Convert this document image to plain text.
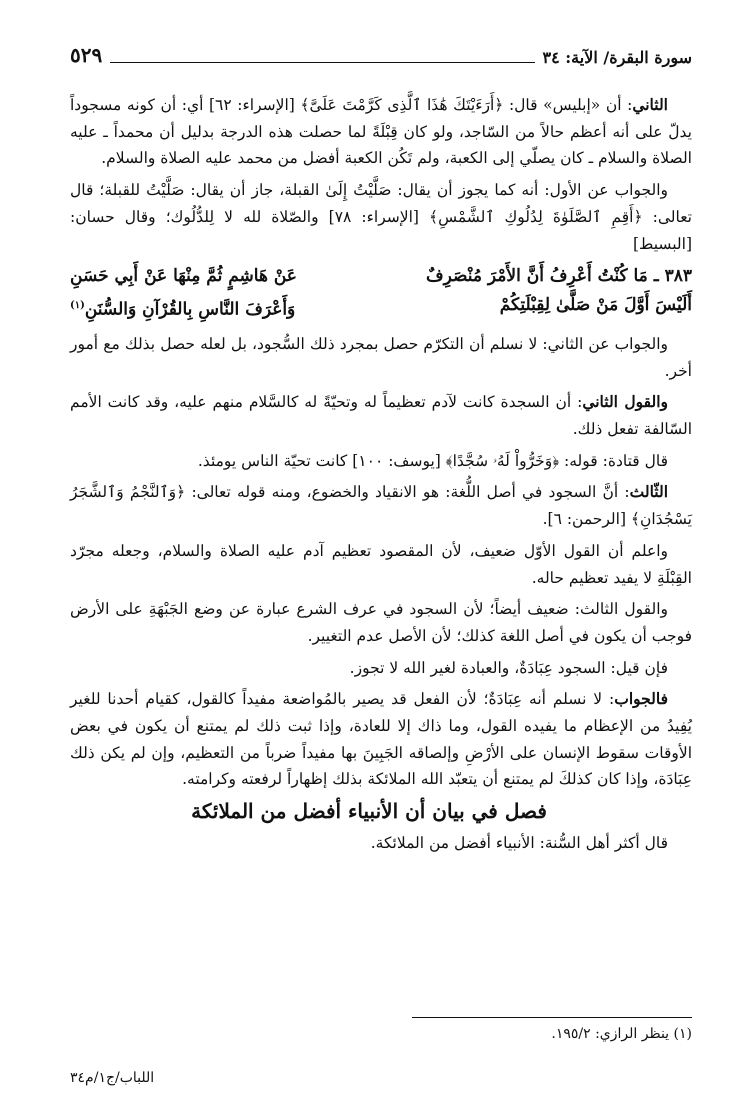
سورة البقرة/ الآية: ٣٤
٥٢٩

الثاني: أن «إبليس» قال: ﴿أَرَءَيْتَكَ هَٰذَا ٱلَّذِى كَرَّمْتَ عَلَىَّ﴾ [الإسراء: ٦٢] أي: أن كونه مسجوداً يدلّ على أنه أعظم حالاً من السّاجد، ولو كان قِبْلَةً لما حصلت هذه الدرجة بدليل أن محمداً ـ عليه الصلاة والسلام ـ كان يصلّي إلى الكعبة، ولم تَكُن الكعبة أفضل من محمد عليه الصلاة والسلام.

والجواب عن الأول: أنه كما يجوز أن يقال: صَلَّيْتُ إِلَىٰ القبلة، جاز أن يقال: صَلَّيْتُ للقبلة؛ قال تعالى: ﴿أَقِمِ ٱلصَّلَوٰةَ لِدُلُوكِ ٱلشَّمْسِ﴾ [الإسراء: ٧٨] والصّلاة لله لا لِلدُّلُوك؛ وقال حسان: [البسيط]

٣٨٣ ـ مَا كُنْتُ أَعْرِفُ أَنَّ الأَمْرَ مُنْصَرِفٌ
عَنْ هَاشِمٍ ثُمَّ مِنْهَا عَنْ أَبِي حَسَنِ
أَلَيْسَ أَوَّلَ مَنْ صَلَّىٰ لِقِبْلَتِكُمْ
وَأَعْرَفَ النَّاسِ بِالقُرْآنِ وَالسُّنَنِ$^{(١)}$

والجواب عن الثاني: لا نسلم أن التكرّم حصل بمجرد ذلك السُّجود، بل لعله حصل بذلك مع أمور أخر.

والقول الثاني: أن السجدة كانت لآدم تعظيماً له وتحيّةً له كالسَّلام منهم عليه، وقد كانت الأمم السّالفة تفعل ذلك.

قال قتادة: قوله: ﴿وَخَرُّواْ لَهُۥ سُجَّدًا﴾ [يوسف: ١٠٠] كانت تحيّة الناس يومئذ.

الثّالث: أنَّ السجود في أصل اللُّغة: هو الانقياد والخضوع، ومنه قوله تعالى: ﴿وَٱلنَّجْمُ وَٱلشَّجَرُ يَسْجُدَانِ﴾ [الرحمن: ٦].

واعلم أن القول الأوّل ضعيف، لأن المقصود تعظيم آدم عليه الصلاة والسلام، وجعله مجرّد القِبْلَةِ لا يفيد تعظيم حاله.

والقول الثالث: ضعيف أيضاً؛ لأن السجود في عرف الشرع عبارة عن وضع الجَبْهَةِ على الأرض فوجب أن يكون في أصل اللغة كذلك؛ لأن الأصل عدم التغيير.

فإن قيل: السجود عِبَادَةٌ، والعبادة لغير الله لا تجوز.

فالجواب: لا نسلم أنه عِبَادَةٌ؛ لأن الفعل قد يصير بالمُواضعة مفيداً كالقول، كقيام أحدنا للغير يُفِيدُ من الإعظام ما يفيده القول، وما ذاك إلا للعادة، وإذا ثبت ذلك لم يمتنع أن يكون في بعض الأوقات سقوط الإنسان على الأرْضِ وإلصاقه الجَبِينَ بها مفيداً ضرباً من التعظيم، وإن لم يكن ذلك عِبَادَة، وإذا كان كذلكَ لم يمتنع أن يتعبّد الله الملائكة بذلك إظهاراً لرفعته وكرامته.

فصل في بيان أن الأنبياء أفضل من الملائكة

قال أكثر أهل السُّنة: الأنبياء أفضل من الملائكة.

(١) ينظر الرازي: ١٩٥/٢.
اللباب/ج١/م٣٤
